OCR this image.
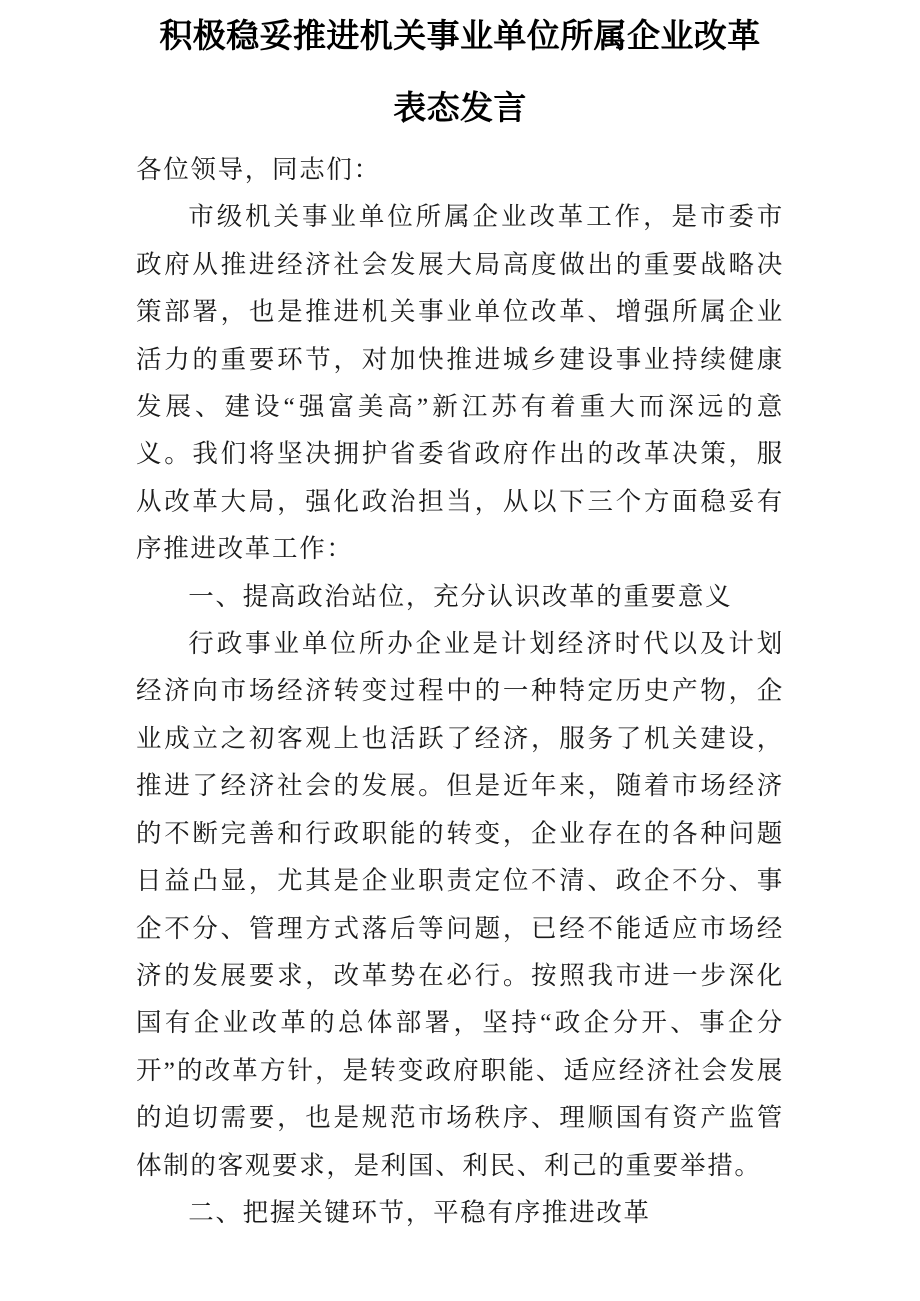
积极稳妥推进机关事业单位所属企业改革
表态发言

各位领导，同志们：

市级机关事业单位所属企业改革工作，是市委市政府从推进经济社会发展大局高度做出的重要战略决策部署，也是推进机关事业单位改革、增强所属企业活力的重要环节，对加快推进城乡建设事业持续健康发展、建设“强富美高”新江苏有着重大而深远的意义。我们将坚决拥护省委省政府作出的改革决策，服从改革大局，强化政治担当，从以下三个方面稳妥有序推进改革工作：

一、提高政治站位，充分认识改革的重要意义

行政事业单位所办企业是计划经济时代以及计划经济向市场经济转变过程中的一种特定历史产物，企业成立之初客观上也活跃了经济，服务了机关建设，推进了经济社会的发展。但是近年来，随着市场经济的不断完善和行政职能的转变，企业存在的各种问题日益凸显，尤其是企业职责定位不清、政企不分、事企不分、管理方式落后等问题，已经不能适应市场经济的发展要求，改革势在必行。按照我市进一步深化国有企业改革的总体部署，坚持“政企分开、事企分开”的改革方针，是转变政府职能、适应经济社会发展的迫切需要，也是规范市场秩序、理顺国有资产监管体制的客观要求，是利国、利民、利己的重要举措。

二、把握关键环节，平稳有序推进改革
